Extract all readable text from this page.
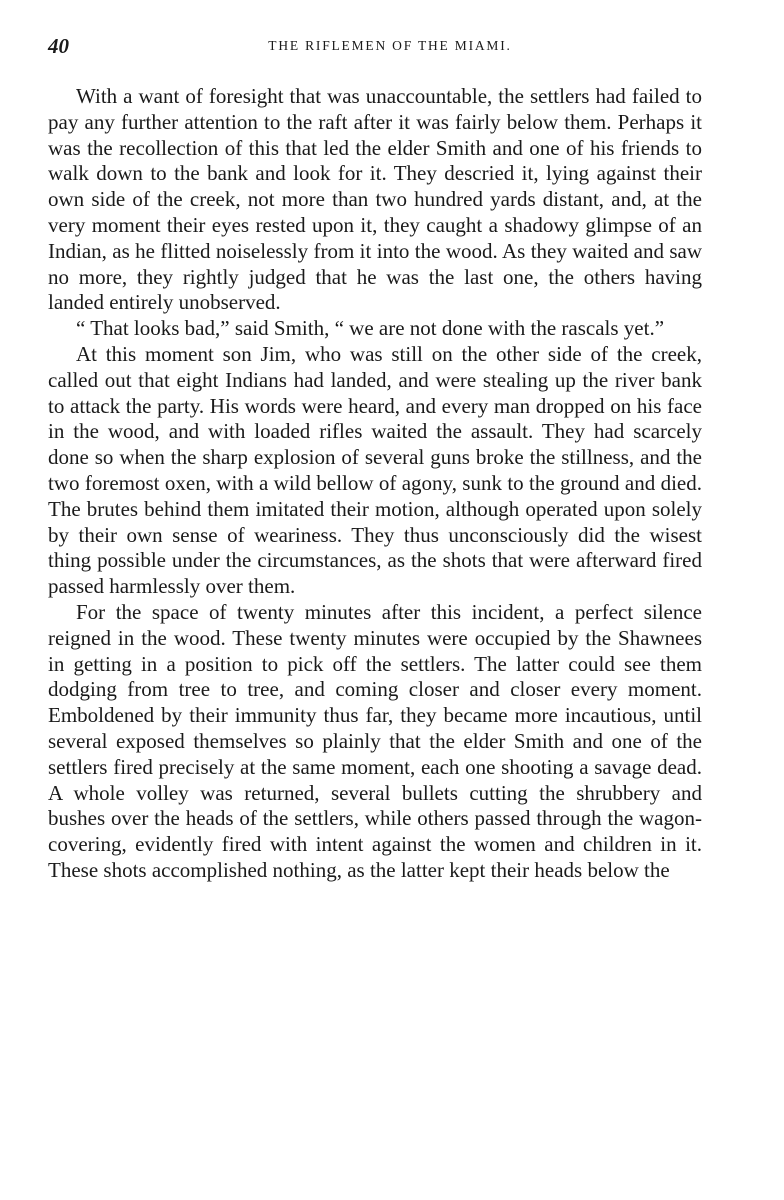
40	THE RIFLEMEN OF THE MIAMI.

With a want of foresight that was unaccountable, the settlers had failed to pay any further attention to the raft after it was fairly below them. Perhaps it was the recollection of this that led the elder Smith and one of his friends to walk down to the bank and look for it. They descried it, lying against their own side of the creek, not more than two hundred yards distant, and, at the very moment their eyes rested upon it, they caught a shadowy glimpse of an Indian, as he flitted noiselessly from it into the wood. As they waited and saw no more, they rightly judged that he was the last one, the others having landed entirely unobserved.

“ That looks bad,” said Smith, “ we are not done with the rascals yet.”

At this moment son Jim, who was still on the other side of the creek, called out that eight Indians had landed, and were stealing up the river bank to attack the party. His words were heard, and every man dropped on his face in the wood, and with loaded rifles waited the assault. They had scarcely done so when the sharp explosion of several guns broke the stillness, and the two foremost oxen, with a wild bellow of agony, sunk to the ground and died. The brutes behind them imitated their motion, although operated upon solely by their own sense of weariness. They thus unconsciously did the wisest thing possible under the circumstances, as the shots that were afterward fired passed harmlessly over them.

For the space of twenty minutes after this incident, a perfect silence reigned in the wood. These twenty minutes were occupied by the Shawnees in getting in a position to pick off the settlers. The latter could see them dodging from tree to tree, and coming closer and closer every moment. Emboldened by their immunity thus far, they became more incautious, until several exposed themselves so plainly that the elder Smith and one of the settlers fired precisely at the same moment, each one shooting a savage dead. A whole volley was returned, several bullets cutting the shrubbery and bushes over the heads of the settlers, while others passed through the wagon-covering, evidently fired with intent against the women and children in it. These shots accomplished nothing, as the latter kept their heads below the
